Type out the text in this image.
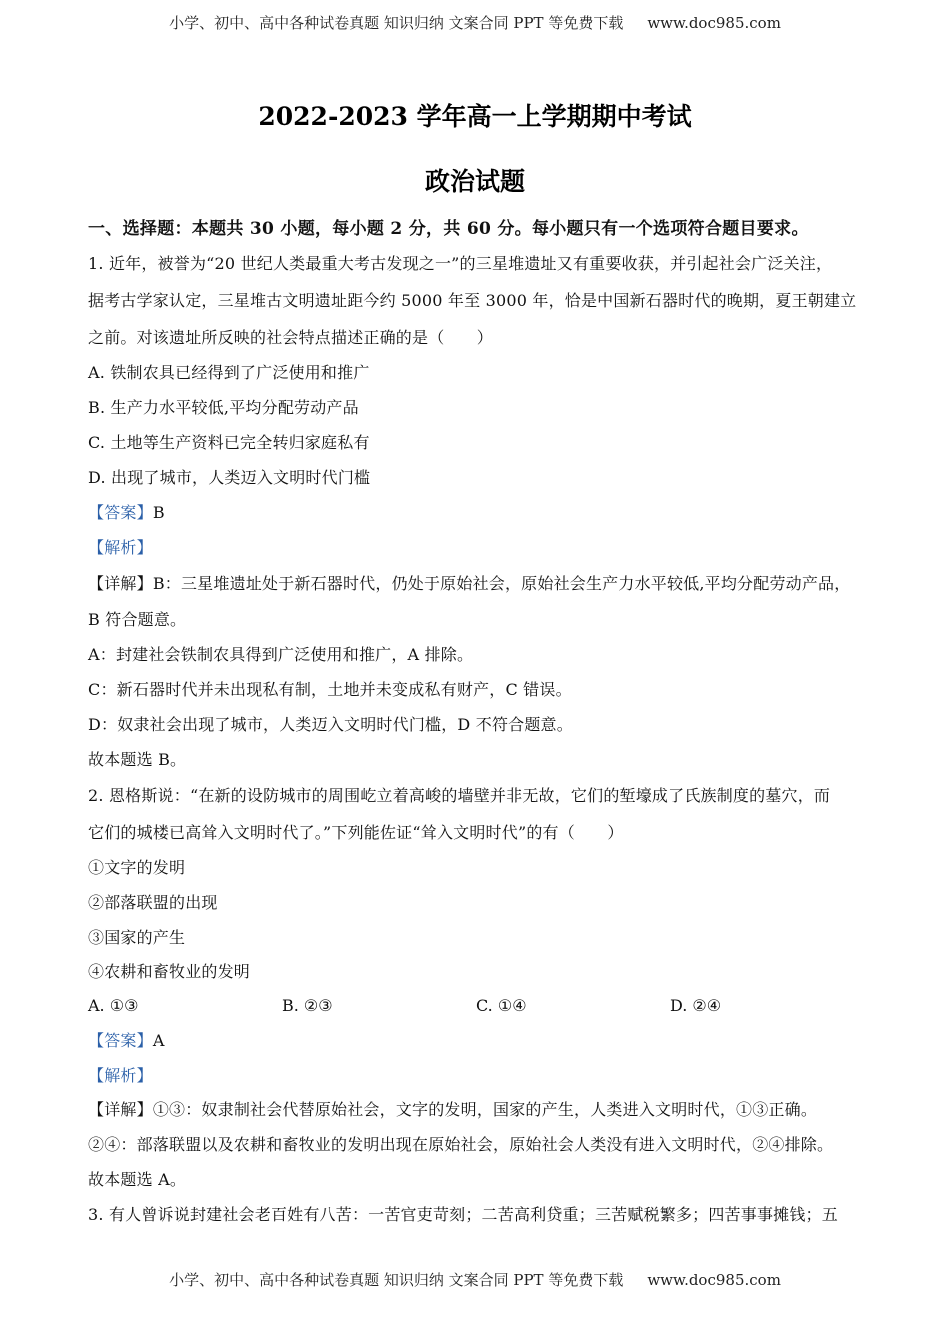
小学、初中、高中各种试卷真题 知识归纳 文案合同 PPT 等免费下载 www.doc985.com
2022-2023 学年高一上学期期中考试
政治试题
一、选择题：本题共 30 小题，每小题 2 分，共 60 分。每小题只有一个选项符合题目要求。
1. 近年，被誉为“20 世纪人类最重大考古发现之一”的三星堆遗址又有重要收获，并引起社会广泛关注，
据考古学家认定，三星堆古文明遗址距今约 5000 年至 3000 年，恰是中国新石器时代的晚期，夏王朝建立
之前。对该遗址所反映的社会特点描述正确的是（　　）
A. 铁制农具已经得到了广泛使用和推广
B. 生产力水平较低,平均分配劳动产品
C. 土地等生产资料已完全转归家庭私有
D. 出现了城市，人类迈入文明时代门槛
【答案】B
【解析】
【详解】B：三星堆遗址处于新石器时代，仍处于原始社会，原始社会生产力水平较低,平均分配劳动产品，
B 符合题意。
A：封建社会铁制农具得到广泛使用和推广，A 排除。
C：新石器时代并未出现私有制，土地并未变成私有财产，C 错误。
D：奴隶社会出现了城市，人类迈入文明时代门槛，D 不符合题意。
故本题选 B。
2. 恩格斯说：“在新的设防城市的周围屹立着高峻的墙壁并非无故，它们的堑壕成了氏族制度的墓穴，而
它们的城楼已高耸入文明时代了。”下列能佐证“耸入文明时代”的有（　　）
①文字的发明
②部落联盟的出现
③国家的产生
④农耕和畜牧业的发明
A. ①③	B. ②③	C. ①④	D. ②④
【答案】A
【解析】
【详解】①③：奴隶制社会代替原始社会，文字的发明，国家的产生，人类进入文明时代，①③正确。
②④：部落联盟以及农耕和畜牧业的发明出现在原始社会，原始社会人类没有进入文明时代，②④排除。
故本题选 A。
3. 有人曾诉说封建社会老百姓有八苦：一苦官吏苛刻；二苦高利贷重；三苦赋税繁多；四苦事事摊钱；五
小学、初中、高中各种试卷真题 知识归纳 文案合同 PPT 等免费下载 www.doc985.com
